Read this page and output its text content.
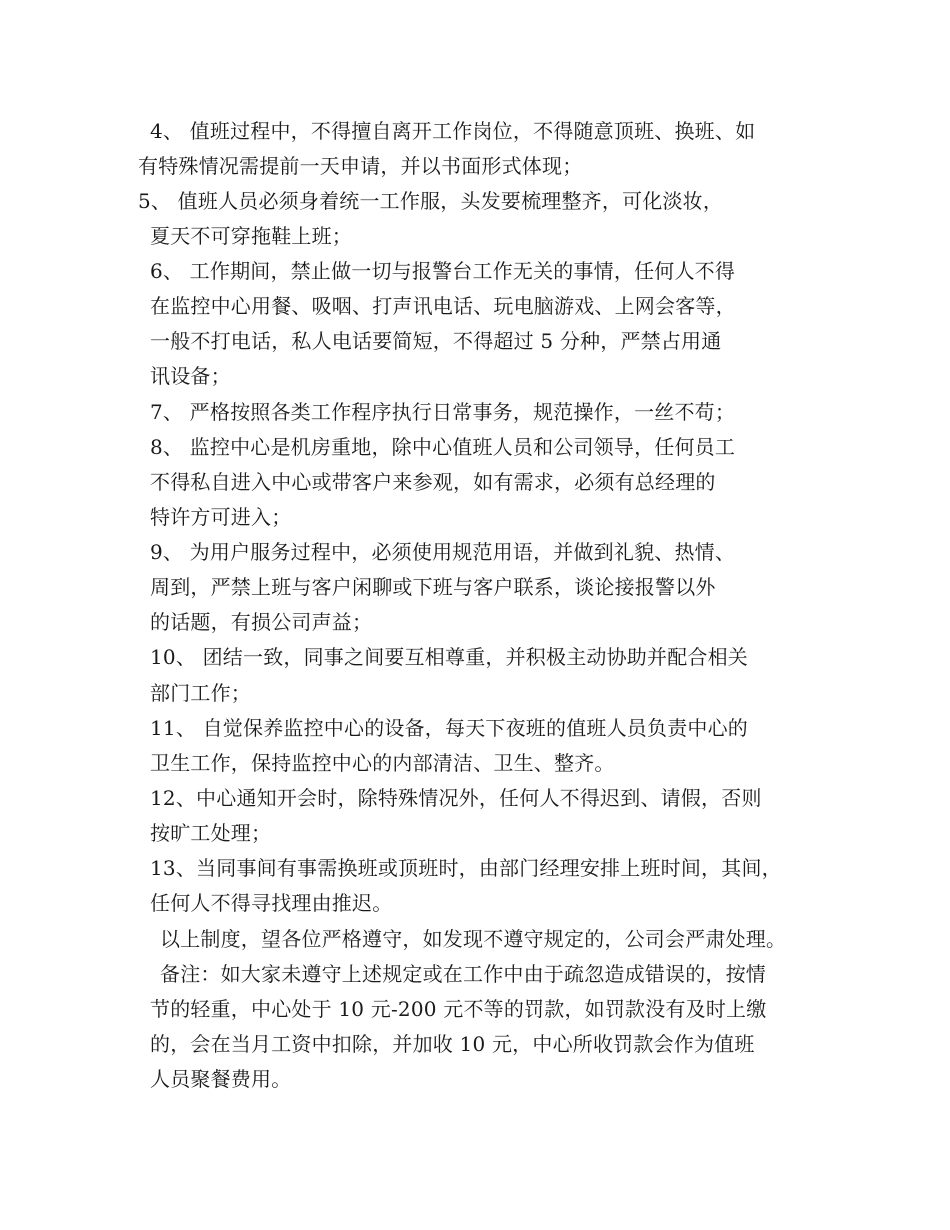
4、 值班过程中，不得擅自离开工作岗位，不得随意顶班、换班、如
有特殊情况需提前一天申请，并以书面形式体现；
5、 值班人员必须身着统一工作服，头发要梳理整齐，可化淡妆，
夏天不可穿拖鞋上班；
6、 工作期间，禁止做一切与报警台工作无关的事情，任何人不得
在监控中心用餐、吸咽、打声讯电话、玩电脑游戏、上网会客等，
一般不打电话，私人电话要简短，不得超过 5 分种，严禁占用通
讯设备；
7、 严格按照各类工作程序执行日常事务，规范操作，一丝不苟；
8、 监控中心是机房重地，除中心值班人员和公司领导，任何员工
不得私自进入中心或带客户来参观，如有需求，必须有总经理的
特许方可进入；
9、 为用户服务过程中，必须使用规范用语，并做到礼貌、热情、
周到，严禁上班与客户闲聊或下班与客户联系，谈论接报警以外
的话题，有损公司声益；
10、 团结一致，同事之间要互相尊重，并积极主动协助并配合相关
部门工作；
11、 自觉保养监控中心的设备，每天下夜班的值班人员负责中心的
卫生工作，保持监控中心的内部清洁、卫生、整齐。
12、中心通知开会时，除特殊情况外，任何人不得迟到、请假，否则
按旷工处理；
13、当同事间有事需换班或顶班时，由部门经理安排上班时间，其间，
任何人不得寻找理由推迟。
以上制度，望各位严格遵守，如发现不遵守规定的，公司会严肃处理。
备注：如大家未遵守上述规定或在工作中由于疏忽造成错误的，按情
节的轻重，中心处于 10 元-200 元不等的罚款，如罚款没有及时上缴
的，会在当月工资中扣除，并加收 10 元，中心所收罚款会作为值班
人员聚餐费用。
